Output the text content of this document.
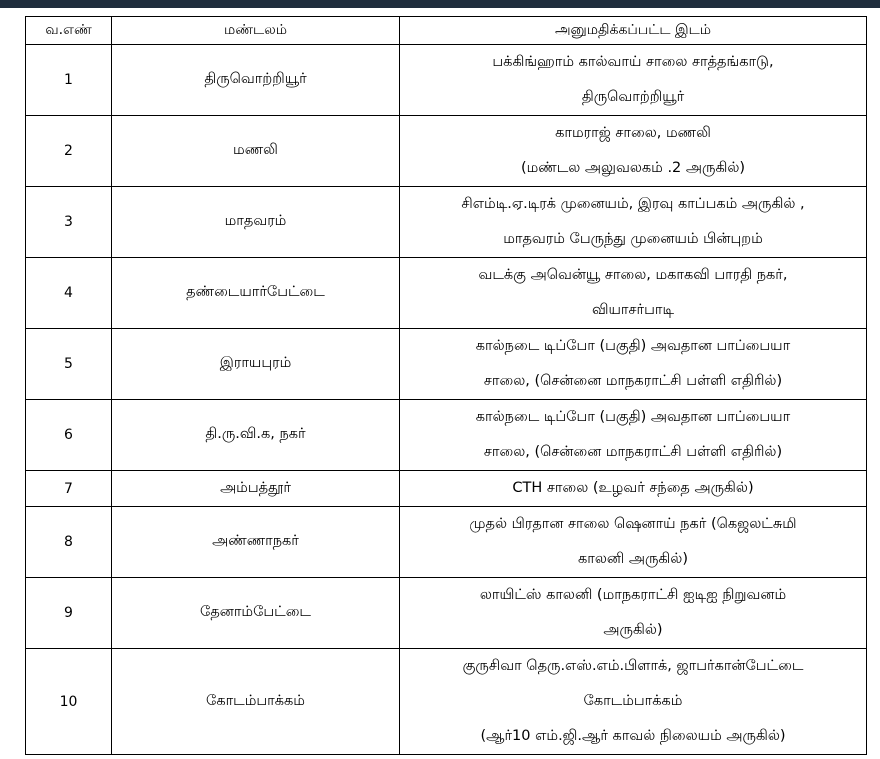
வ.எண்	மண்டலம்	அனுமதிக்கப்பட்ட இடம்
1	திருவொற்றியூர்	பக்கிங்ஹாம் கால்வாய் சாலை சாத்தங்காடு,
திருவொற்றியூர்

2	மணலி	காமராஜ் சாலை, மணலி
(மண்டல அலுவலகம் .2 அருகில்)

3	மாதவரம்	சிஎம்டி.ஏ.டிரக் முனையம், இரவு காப்பகம் அருகில் ,
மாதவரம் பேருந்து முனையம் பின்புறம்

4	தண்டையார்பேட்டை	வடக்கு அவென்யூ சாலை, மகாகவி பாரதி நகர்,
வியாசர்பாடி

5	இராயபுரம்	கால்நடை டிப்போ (பகுதி) அவதான பாப்பையா
சாலை, (சென்னை மாநகராட்சி பள்ளி எதிரில்)

6	தி.ரு.வி.க, நகர்	கால்நடை டிப்போ (பகுதி) அவதான பாப்பையா
சாலை, (சென்னை மாநகராட்சி பள்ளி எதிரில்)

7	அம்பத்தூர்	CTH சாலை (உழவர் சந்தை அருகில்)

8	அண்ணாநகர்	முதல் பிரதான சாலை ஷெனாய் நகர் (கெஜலட்சுமி
காலனி அருகில்)

9	தேனாம்பேட்டை	லாயிட்ஸ் காலனி (மாநகராட்சி ஐடிஐ நிறுவனம்
அருகில்)

10	கோடம்பாக்கம்	குருசிவா தெரு.எஸ்.எம்.பிளாக், ஜாபர்கான்பேட்டை
கோடம்பாக்கம்
(ஆர்10 எம்.ஜி.ஆர் காவல் நிலையம் அருகில்)
